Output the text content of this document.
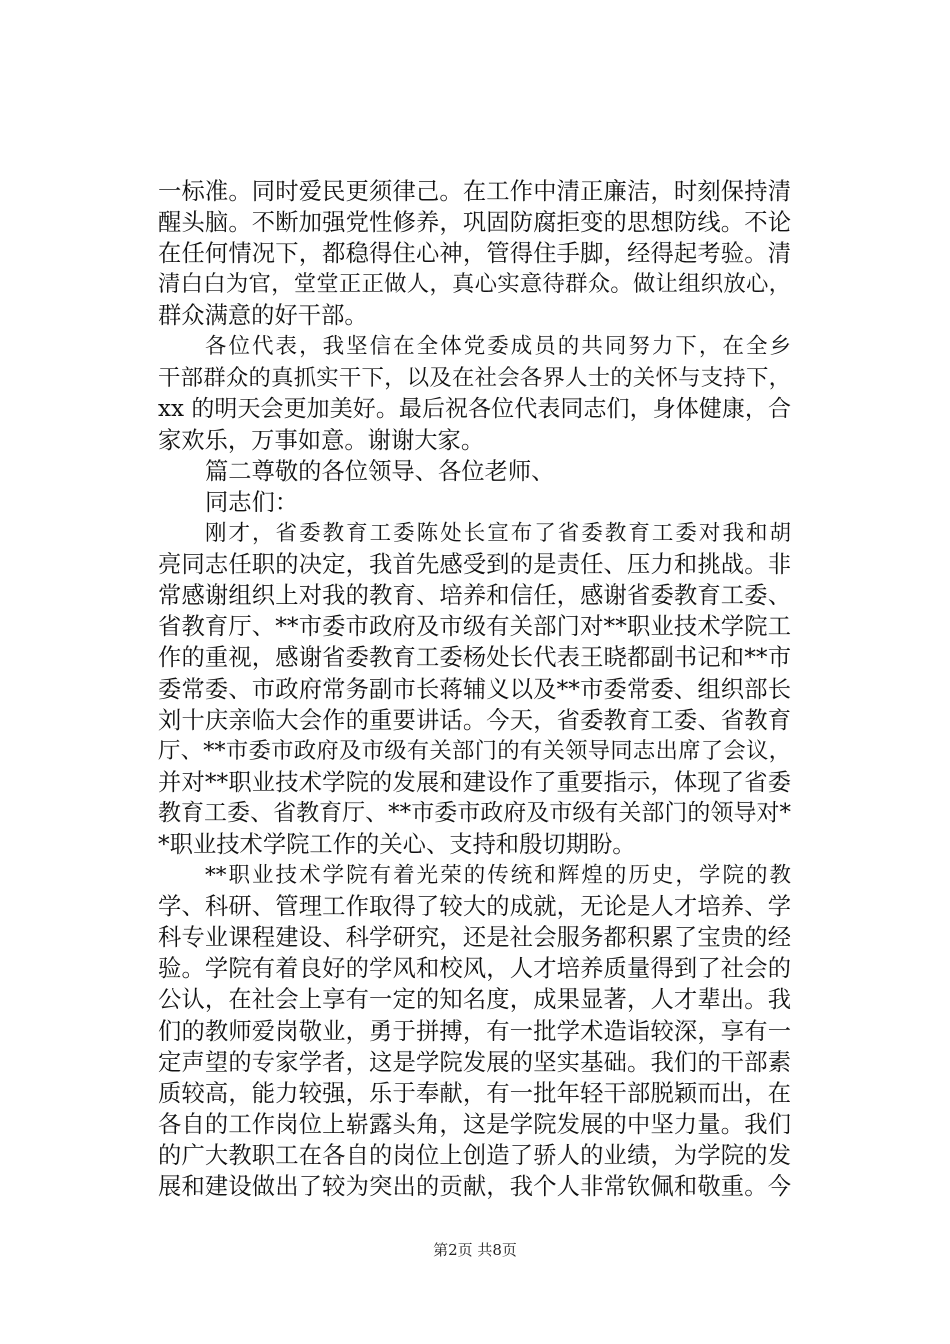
一标准。同时爱民更须律己。在工作中清正廉洁，时刻保持清
醒头脑。不断加强党性修养，巩固防腐拒变的思想防线。不论
在任何情况下，都稳得住心神，管得住手脚，经得起考验。清
清白白为官，堂堂正正做人，真心实意待群众。做让组织放心，
群众满意的好干部。
各位代表，我坚信在全体党委成员的共同努力下，在全乡
干部群众的真抓实干下，以及在社会各界人士的关怀与支持下，
xx 的明天会更加美好。最后祝各位代表同志们，身体健康，合
家欢乐，万事如意。谢谢大家。
篇二尊敬的各位领导、各位老师、
同志们：
刚才，省委教育工委陈处长宣布了省委教育工委对我和胡
亮同志任职的决定，我首先感受到的是责任、压力和挑战。非
常感谢组织上对我的教育、培养和信任，感谢省委教育工委、
省教育厅、**市委市政府及市级有关部门对**职业技术学院工
作的重视，感谢省委教育工委杨处长代表王晓都副书记和**市
委常委、市政府常务副市长蒋辅义以及**市委常委、组织部长
刘十庆亲临大会作的重要讲话。今天，省委教育工委、省教育
厅、**市委市政府及市级有关部门的有关领导同志出席了会议，
并对**职业技术学院的发展和建设作了重要指示，体现了省委
教育工委、省教育厅、**市委市政府及市级有关部门的领导对*
*职业技术学院工作的关心、支持和殷切期盼。
**职业技术学院有着光荣的传统和辉煌的历史，学院的教
学、科研、管理工作取得了较大的成就，无论是人才培养、学
科专业课程建设、科学研究，还是社会服务都积累了宝贵的经
验。学院有着良好的学风和校风，人才培养质量得到了社会的
公认，在社会上享有一定的知名度，成果显著，人才辈出。我
们的教师爱岗敬业，勇于拼搏，有一批学术造诣较深，享有一
定声望的专家学者，这是学院发展的坚实基础。我们的干部素
质较高，能力较强，乐于奉献，有一批年轻干部脱颖而出，在
各自的工作岗位上崭露头角，这是学院发展的中坚力量。我们
的广大教职工在各自的岗位上创造了骄人的业绩，为学院的发
展和建设做出了较为突出的贡献，我个人非常钦佩和敬重。今
第2页 共8页
